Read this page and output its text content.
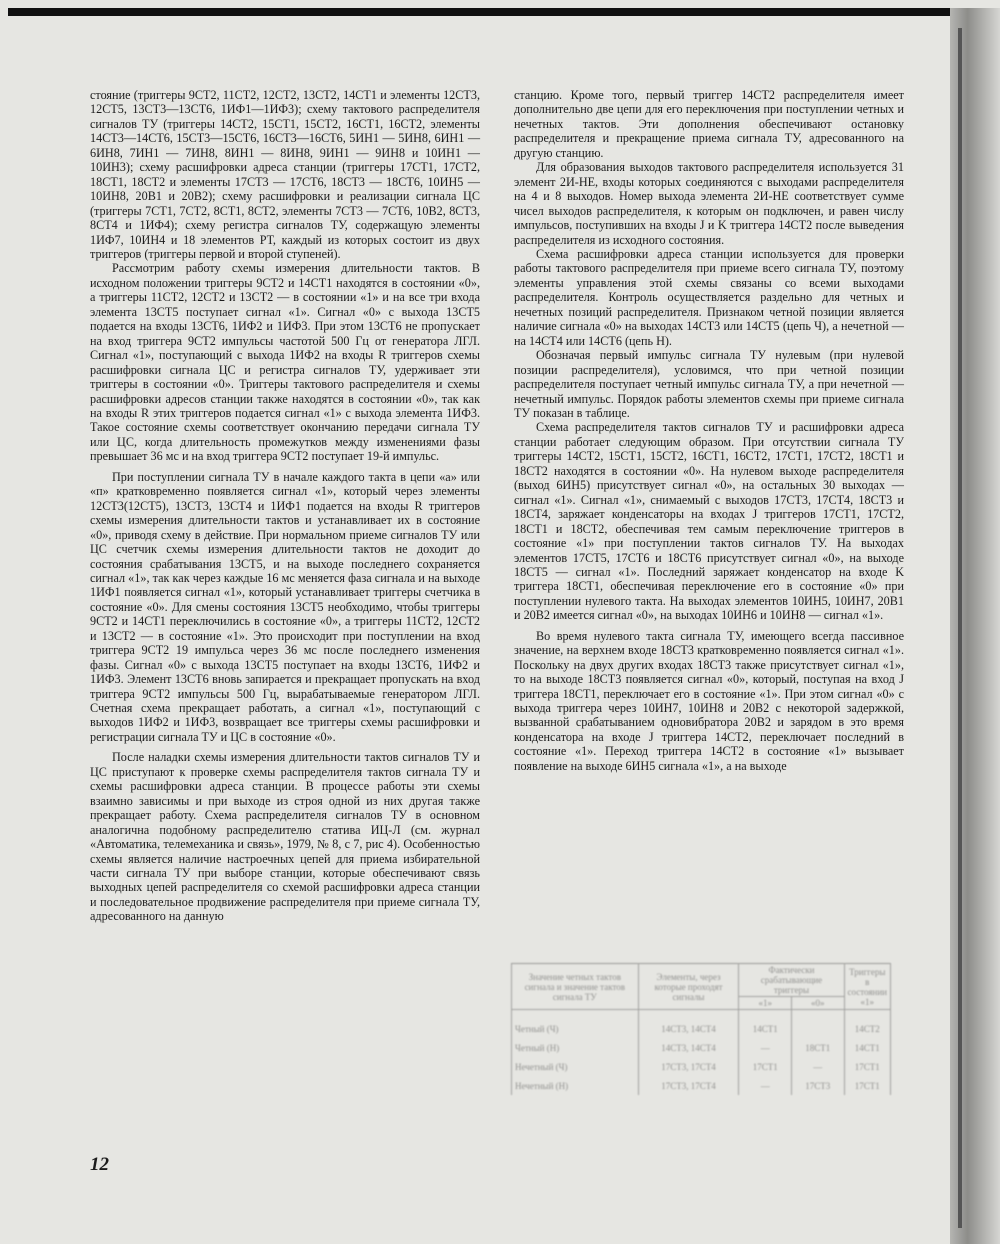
стояние (триггеры 9СТ2, 11СТ2, 12СТ2, 13СТ2, 14СТ1 и элементы 12СТ3, 12СТ5, 13СТ3—13СТ6, 1ИФ1—1ИФ3); схему тактового распределителя сигналов ТУ (триггеры 14СТ2, 15СТ1, 15СТ2, 16СТ1, 16СТ2, элементы 14СТ3—14СТ6, 15СТ3—15СТ6, 16СТ3—16СТ6, 5ИН1 — 5ИН8, 6ИН1 — 6ИН8, 7ИН1 — 7ИН8, 8ИН1 — 8ИН8, 9ИН1 — 9ИН8 и 10ИН1 — 10ИН3); схему расшифровки адреса станции (триггеры 17СТ1, 17СТ2, 18СТ1, 18СТ2 и элементы 17СТ3 — 17СТ6, 18СТ3 — 18СТ6, 10ИН5 — 10ИН8, 20В1 и 20В2); схему расшифровки и реализации сигнала ЦС (триггеры 7СТ1, 7СТ2, 8СТ1, 8СТ2, элементы 7СТ3 — 7СТ6, 10В2, 8СТ3, 8СТ4 и 1ИФ4); схему регистра сигналов ТУ, содержащую элементы 1ИФ7, 10ИН4 и 18 элементов РТ, каждый из которых состоит из двух триггеров (триггеры первой и второй ступеней).

Рассмотрим работу схемы измерения длительности тактов. В исходном положении триггеры 9СТ2 и 14СТ1 находятся в состоянии «0», а триггеры 11СТ2, 12СТ2 и 13СТ2 — в состоянии «1» и на все три входа элемента 13СТ5 поступает сигнал «1». Сигнал «0» с выхода 13СТ5 подается на входы 13СТ6, 1ИФ2 и 1ИФ3. При этом 13СТ6 не пропускает на вход триггера 9СТ2 импульсы частотой 500 Гц от генератора ЛГЛ. Сигнал «1», поступающий с выхода 1ИФ2 на входы R триггеров схемы расшифровки сигнала ЦС и регистра сигналов ТУ, удерживает эти триггеры в состоянии «0». Триггеры тактового распределителя и схемы расшифровки адресов станции также находятся в состоянии «0», так как на входы R этих триггеров подается сигнал «1» с выхода элемента 1ИФ3. Такое состояние схемы соответствует окончанию передачи сигнала ТУ или ЦС, когда длительность промежутков между изменениями фазы превышает 36 мс и на вход триггера 9СТ2 поступает 19-й импульс.

При поступлении сигнала ТУ в начале каждого такта в цепи «а» или «п» кратковременно появляется сигнал «1», который через элементы 12СТ3(12СТ5), 13СТ3, 13СТ4 и 1ИФ1 подается на входы R триггеров схемы измерения длительности тактов и устанавливает их в состояние «0», приводя схему в действие. При нормальном приеме сигналов ТУ или ЦС счетчик схемы измерения длительности тактов не доходит до состояния срабатывания 13СТ5, и на выходе последнего сохраняется сигнал «1», так как через каждые 16 мс меняется фаза сигнала и на выходе 1ИФ1 появляется сигнал «1», который устанавливает триггеры счетчика в состояние «0». Для смены состояния 13СТ5 необходимо, чтобы триггеры 9СТ2 и 14СТ1 переключились в состояние «0», а триггеры 11СТ2, 12СТ2 и 13СТ2 — в состояние «1». Это происходит при поступлении на вход триггера 9СТ2 19 импульса через 36 мс после последнего изменения фазы. Сигнал «0» с выхода 13СТ5 поступает на входы 13СТ6, 1ИФ2 и 1ИФ3. Элемент 13СТ6 вновь запирается и прекращает пропускать на вход триггера 9СТ2 импульсы 500 Гц, вырабатываемые генератором ЛГЛ. Счетная схема прекращает работать, а сигнал «1», поступающий с выходов 1ИФ2 и 1ИФ3, возвращает все триггеры схемы расшифровки и регистрации сигнала ТУ и ЦС в состояние «0».

После наладки схемы измерения длительности тактов сигналов ТУ и ЦС приступают к проверке схемы распределителя тактов сигнала ТУ и схемы расшифровки адреса станции. В процессе работы эти схемы взаимно зависимы и при выходе из строя одной из них другая также прекращает работу. Схема распределителя сигналов ТУ в основном аналогична подобному распределителю статива ИЦ-Л (см. журнал «Автоматика, телемеханика и связь», 1979, № 8, с 7, рис 4). Особенностью схемы является наличие настроечных цепей для приема избирательной части сигнала ТУ при выборе станции, которые обеспечивают связь выходных цепей распределителя со схемой расшифровки адреса станции и последовательное продвижение распределителя при приеме сигнала ТУ, адресованного на данную

станцию. Кроме того, первый триггер 14СТ2 распределителя имеет дополнительно две цепи для его переключения при поступлении четных и нечетных тактов. Эти дополнения обеспечивают остановку распределителя и прекращение приема сигнала ТУ, адресованного на другую станцию.

Для образования выходов тактового распределителя используется 31 элемент 2И-НЕ, входы которых соединяются с выходами распределителя на 4 и 8 выходов. Номер выхода элемента 2И-НЕ соответствует сумме чисел выходов распределителя, к которым он подключен, и равен числу импульсов, поступивших на входы J и K триггера 14СТ2 после выведения распределителя из исходного состояния.

Схема расшифровки адреса станции используется для проверки работы тактового распределителя при приеме всего сигнала ТУ, поэтому элементы управления этой схемы связаны со всеми выходами распределителя. Контроль осуществляется раздельно для четных и нечетных позиций распределителя. Признаком четной позиции является наличие сигнала «0» на выходах 14СТ3 или 14СТ5 (цепь Ч), а нечетной — на 14СТ4 или 14СТ6 (цепь Н).

Обозначая первый импульс сигнала ТУ нулевым (при нулевой позиции распределителя), условимся, что при четной позиции распределителя поступает четный импульс сигнала ТУ, а при нечетной — нечетный импульс. Порядок работы элементов схемы при приеме сигнала ТУ показан в таблице.

Схема распределителя тактов сигналов ТУ и расшифровки адреса станции работает следующим образом. При отсутствии сигнала ТУ триггеры 14СТ2, 15СТ1, 15СТ2, 16СТ1, 16СТ2, 17СТ1, 17СТ2, 18СТ1 и 18СТ2 находятся в состоянии «0». На нулевом выходе распределителя (выход 6ИН5) присутствует сигнал «0», на остальных 30 выходах — сигнал «1». Сигнал «1», снимаемый с выходов 17СТ3, 17СТ4, 18СТ3 и 18СТ4, заряжает конденсаторы на входах J триггеров 17СТ1, 17СТ2, 18СТ1 и 18СТ2, обеспечивая тем самым переключение триггеров в состояние «1» при поступлении тактов сигналов ТУ. На выходах элементов 17СТ5, 17СТ6 и 18СТ6 присутствует сигнал «0», на выходе 18СТ5 — сигнал «1». Последний заряжает конденсатор на входе K триггера 18СТ1, обеспечивая переключение его в состояние «0» при поступлении нулевого такта. На выходах элементов 10ИН5, 10ИН7, 20В1 и 20В2 имеется сигнал «0», на выходах 10ИН6 и 10ИН8 — сигнал «1».

Во время нулевого такта сигнала ТУ, имеющего всегда пассивное значение, на верхнем входе 18СТ3 кратковременно появляется сигнал «1». Поскольку на двух других входах 18СТ3 также присутствует сигнал «1», то на выходе 18СТ3 появляется сигнал «0», который, поступая на вход J триггера 18СТ1, переключает его в состояние «1». При этом сигнал «0» с выхода триггера через 10ИН7, 10ИН8 и 20В2 с некоторой задержкой, вызванной срабатыванием одновибратора 20В2 и зарядом в это время конденсатора на входе J триггера 14СТ2, переключает последний в состояние «1». Переход триггера 14СТ2 в состояние «1» вызывает появление на выходе 6ИН5 сигнала «1», а на выходе

Значение четных тактов сигнала и значение тактов сигнала ТУ	Элементы, через которые проходят сигналы	Фактически срабатывающие триггеры		Триггеры в состоянии «1»
		«1»	«0»	
Четный (Ч)	14СТ3, 14СТ4	14СТ1		14СТ2
Четный (Н)	14СТ3, 14СТ4	—	18СТ1	14СТ1
Нечетный (Ч)	17СТ3, 17СТ4	17СТ1	—	17СТ1
Нечетный (Н)	17СТ3, 17СТ4	—	17СТ3	17СТ1
12
